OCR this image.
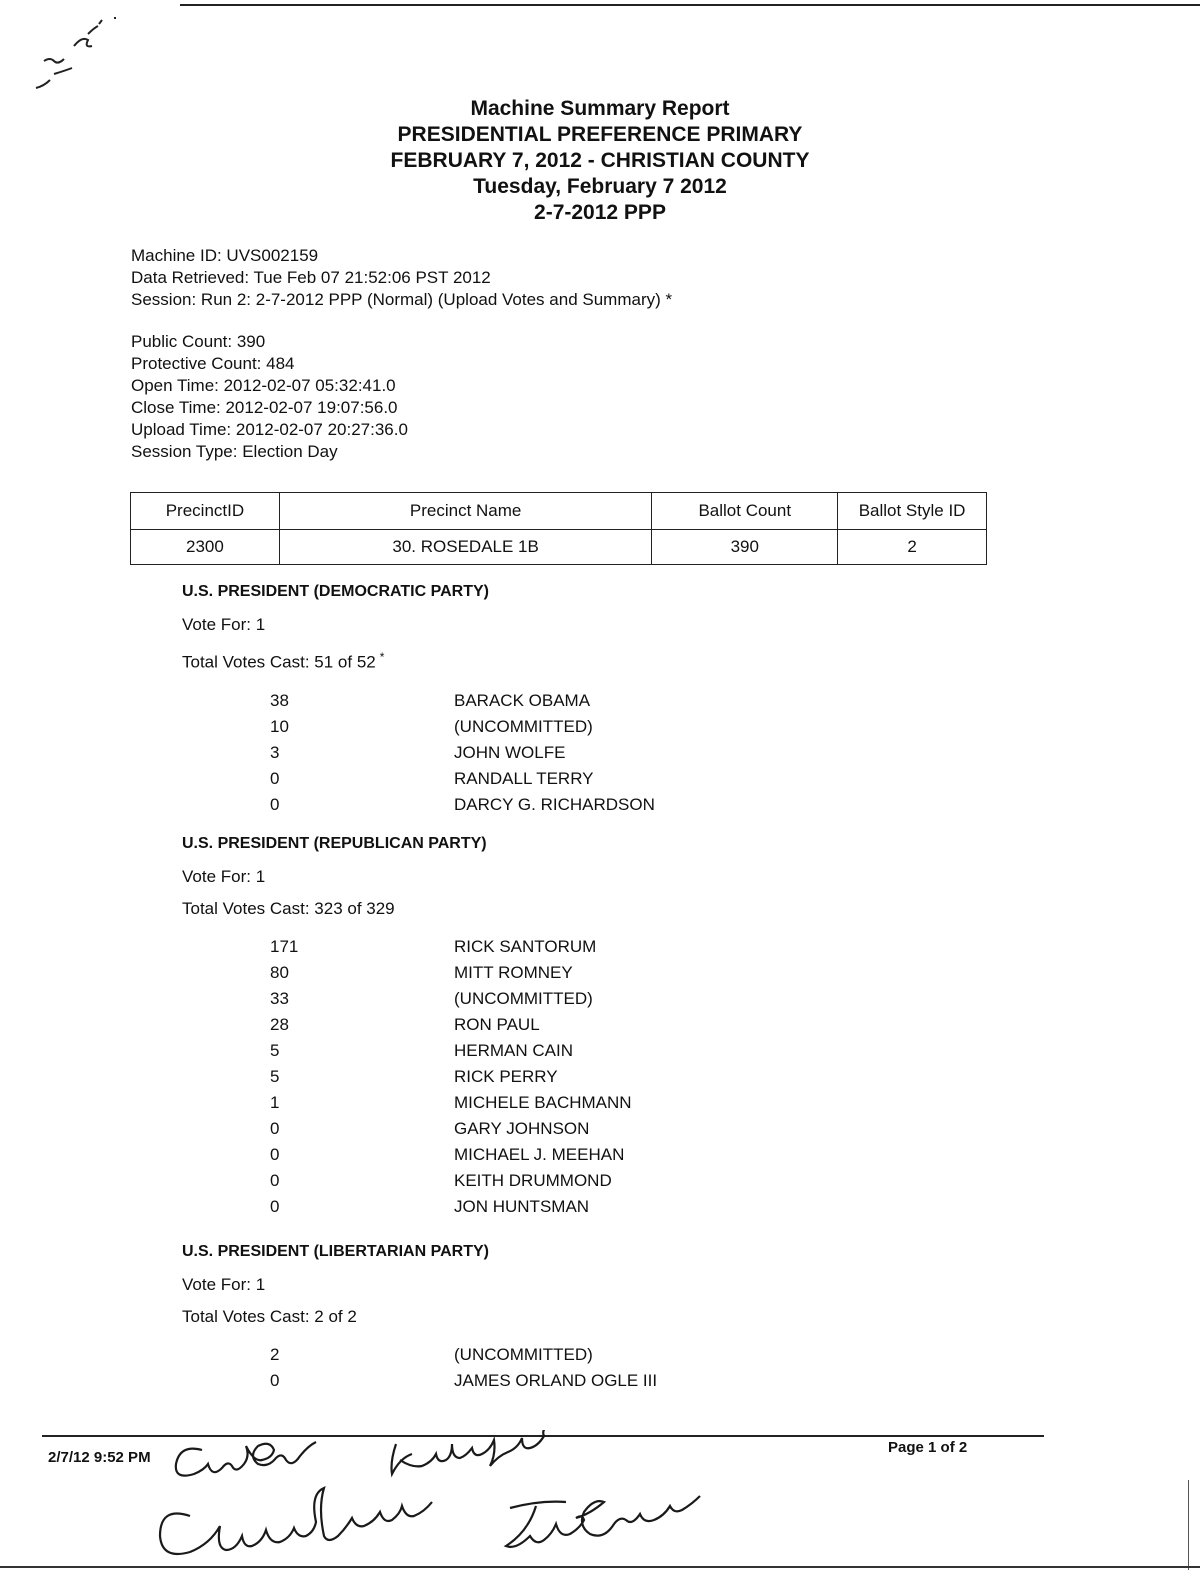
Machine Summary Report
PRESIDENTIAL PREFERENCE PRIMARY
FEBRUARY 7, 2012 - CHRISTIAN COUNTY
Tuesday, February 7 2012
2-7-2012 PPP
Machine ID: UVS002159
Data Retrieved: Tue Feb 07 21:52:06 PST 2012
Session: Run 2: 2-7-2012 PPP (Normal) (Upload Votes and Summary) *
Public Count: 390
Protective Count: 484
Open Time: 2012-02-07 05:32:41.0
Close Time: 2012-02-07 19:07:56.0
Upload Time: 2012-02-07 20:27:36.0
Session Type: Election Day
PrecinctID	Precinct Name	Ballot Count	Ballot Style ID
2300	30. ROSEDALE 1B	390	2
U.S. PRESIDENT (DEMOCRATIC PARTY)
Vote For: 1
Total Votes Cast: 51 of 52 *
38	BARACK OBAMA
10	(UNCOMMITTED)
3	JOHN WOLFE
0	RANDALL TERRY
0	DARCY G. RICHARDSON
U.S. PRESIDENT (REPUBLICAN PARTY)
Vote For: 1
Total Votes Cast: 323 of 329
171	RICK SANTORUM
80	MITT ROMNEY
33	(UNCOMMITTED)
28	RON PAUL
5	HERMAN CAIN
5	RICK PERRY
1	MICHELE BACHMANN
0	GARY JOHNSON
0	MICHAEL J. MEEHAN
0	KEITH DRUMMOND
0	JON HUNTSMAN
U.S. PRESIDENT (LIBERTARIAN PARTY)
Vote For: 1
Total Votes Cast: 2 of 2
2	(UNCOMMITTED)
0	JAMES ORLAND OGLE III
2/7/12 9:52 PM
Page 1 of 2
